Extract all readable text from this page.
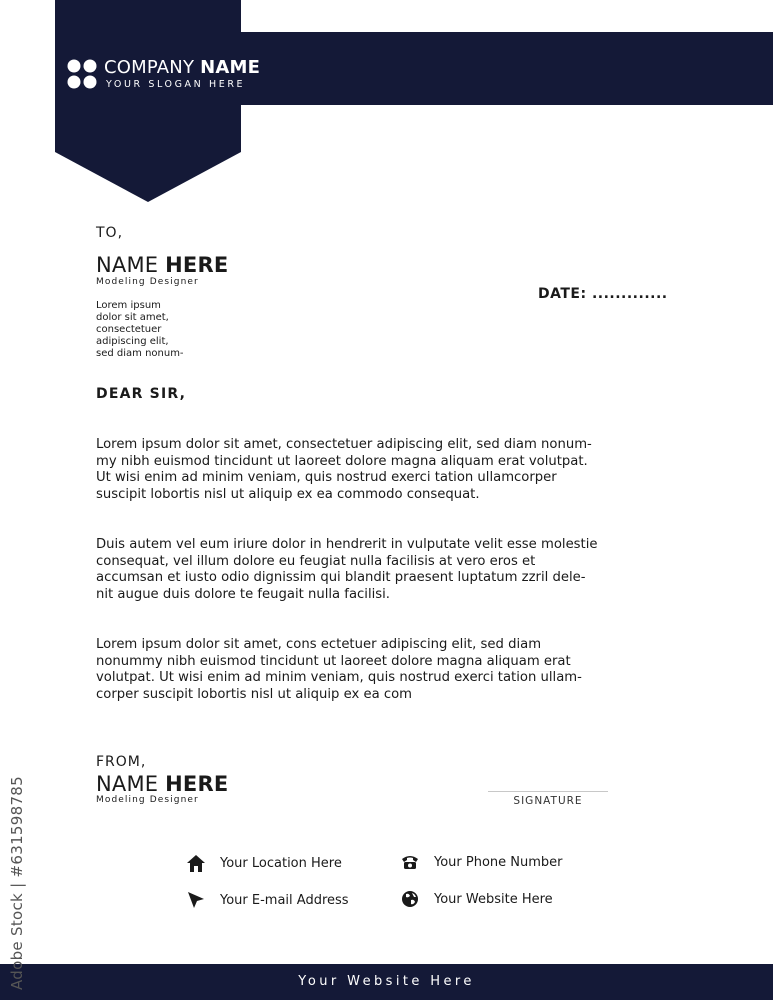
COMPANY NAME
YOUR SLOGAN HERE
TO,
NAME HERE
Modeling Designer
Lorem ipsum
dolor sit amet,
consectetuer
adipiscing elit,
sed diam nonum-
DATE: .............
DEAR SIR,

Lorem ipsum dolor sit amet, consectetuer adipiscing elit, sed diam nonum-
my nibh euismod tincidunt ut laoreet dolore magna aliquam erat volutpat.
Ut wisi enim ad minim veniam, quis nostrud exerci tation ullamcorper
suscipit lobortis nisl ut aliquip ex ea commodo consequat.

Duis autem vel eum iriure dolor in hendrerit in vulputate velit esse molestie
consequat, vel illum dolore eu feugiat nulla facilisis at vero eros et
accumsan et iusto odio dignissim qui blandit praesent luptatum zzril dele-
nit augue duis dolore te feugait nulla facilisi.

Lorem ipsum dolor sit amet, cons ectetuer adipiscing elit, sed diam
nonummy nibh euismod tincidunt ut laoreet dolore magna aliquam erat
volutpat. Ut wisi enim ad minim veniam, quis nostrud exerci tation ullam-
corper suscipit lobortis nisl ut aliquip ex ea com

FROM,
NAME HERE
Modeling Designer	SIGNATURE
Your Location Here
Your E-mail Address
Your Phone Number
Your Website Here
Your Website Here
Adobe Stock | #631598785
